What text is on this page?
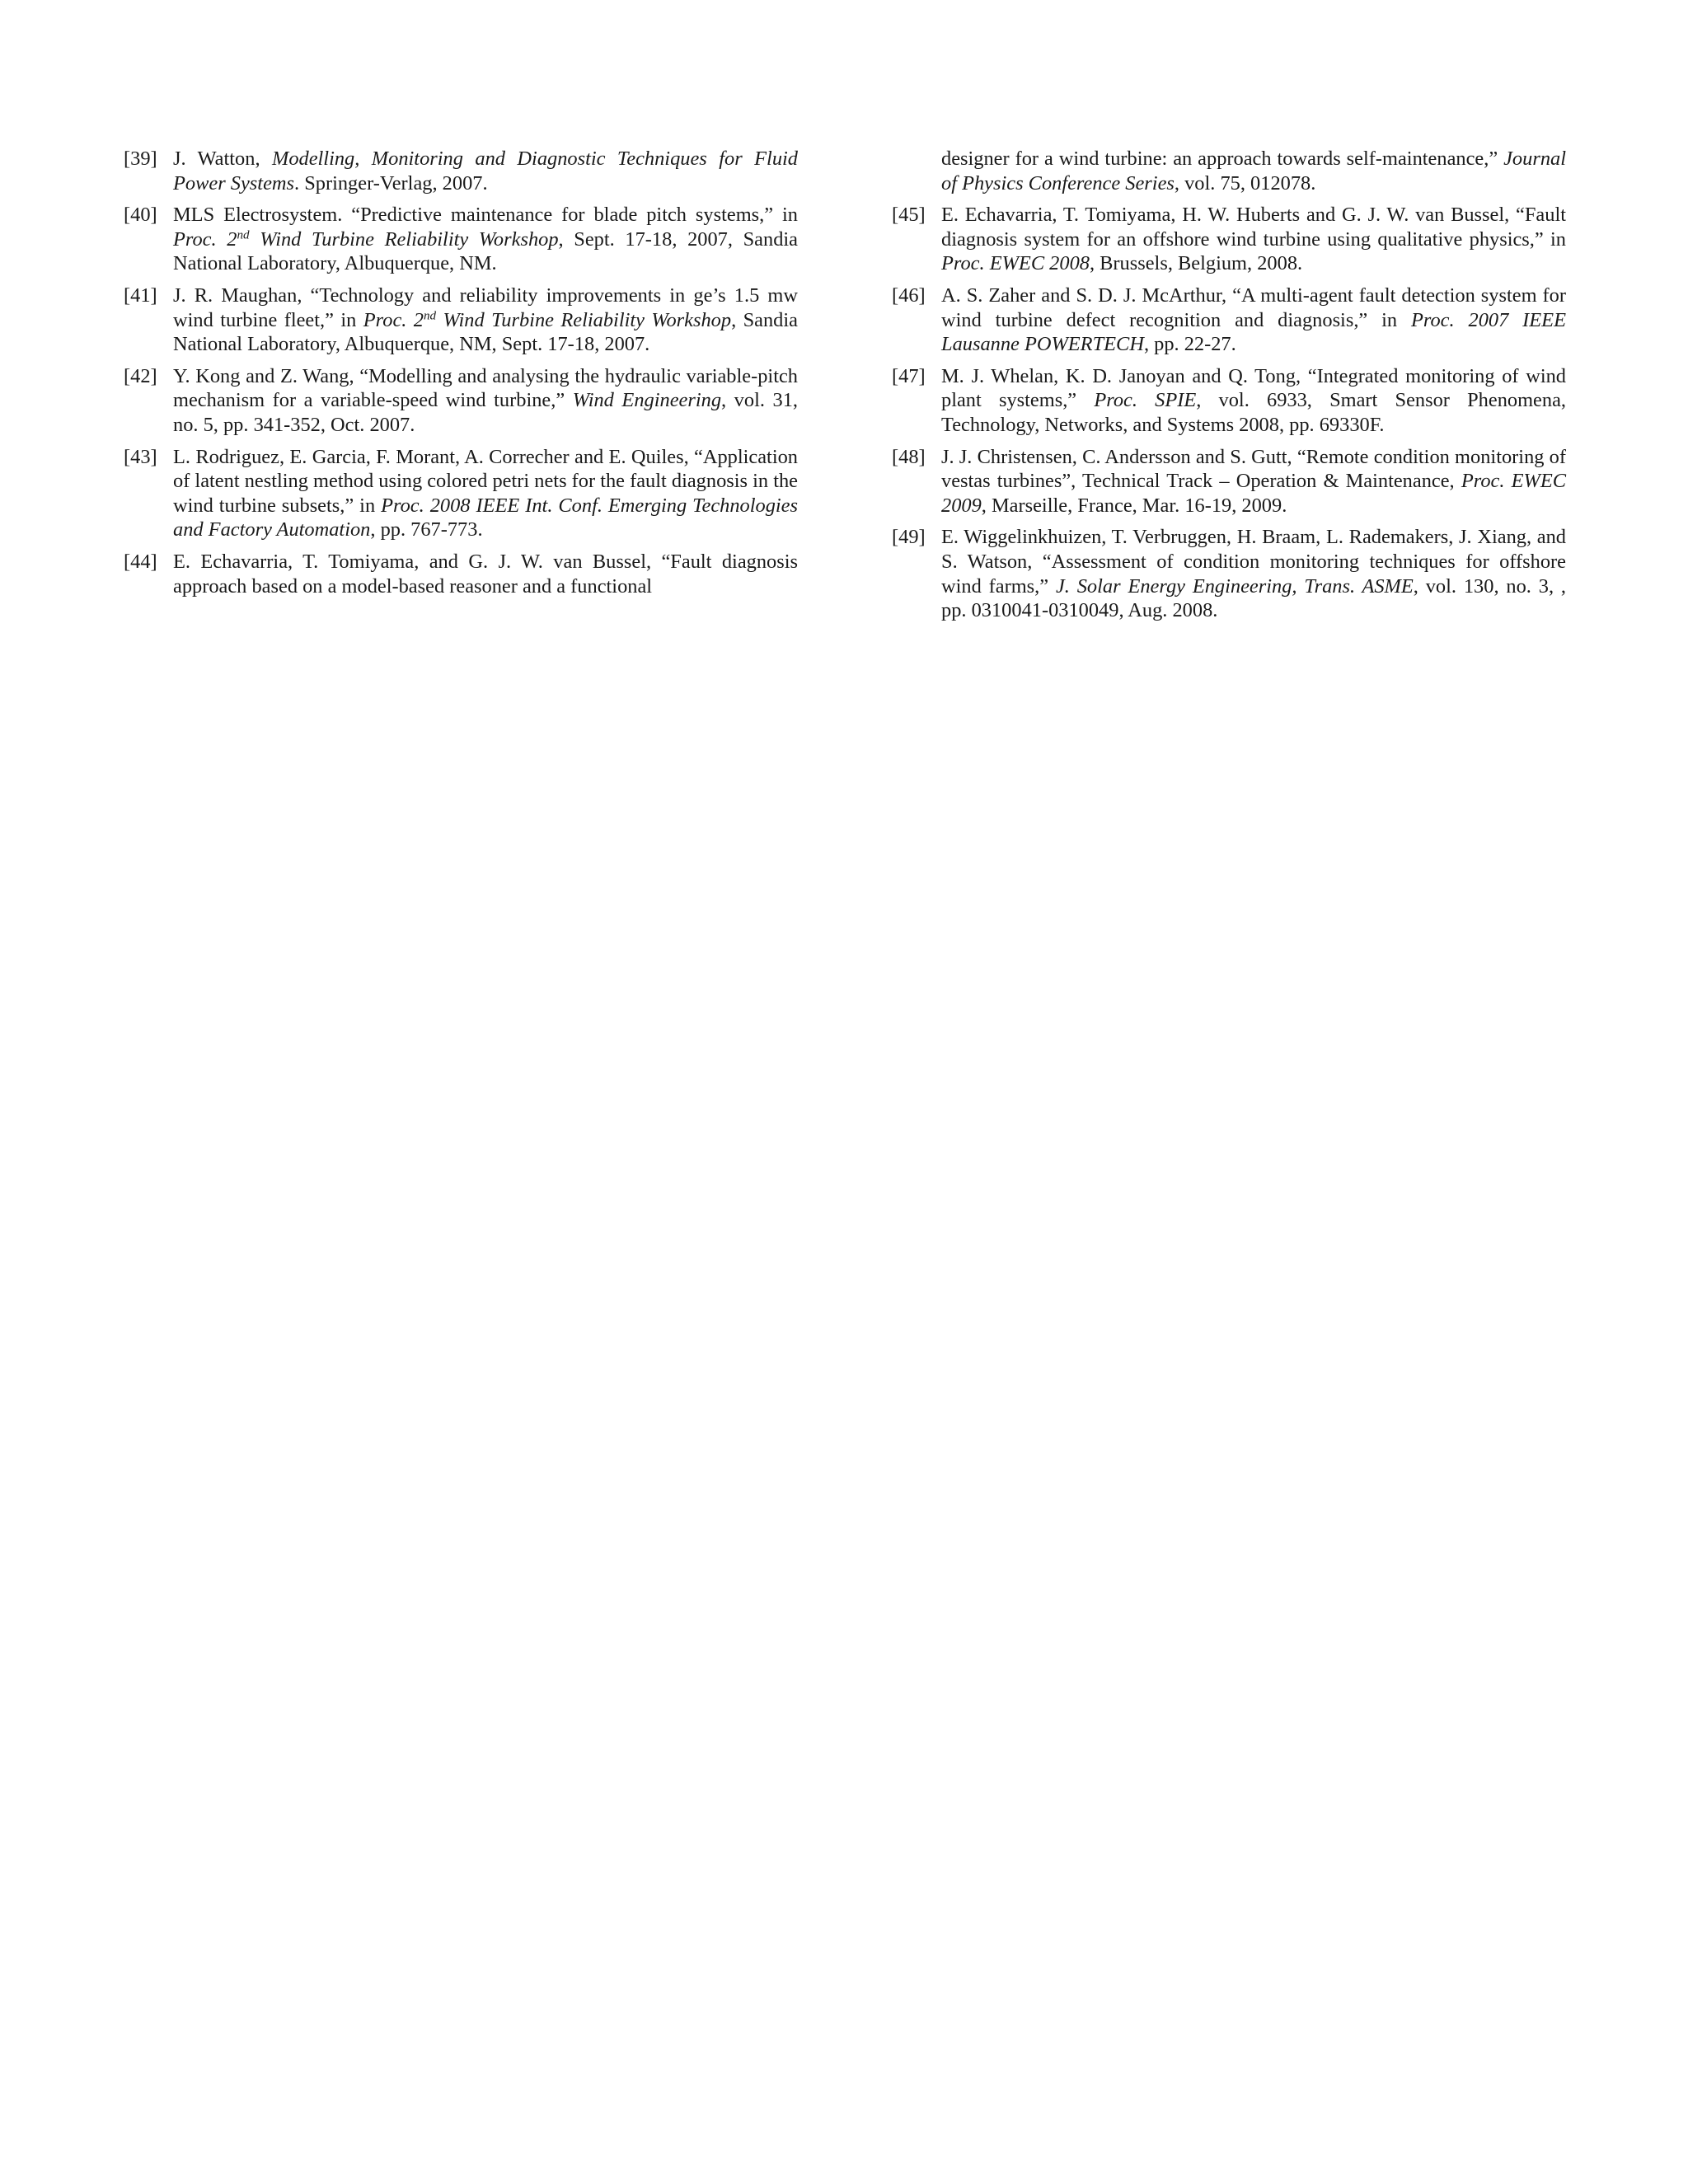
[39] J. Watton, Modelling, Monitoring and Diagnostic Techniques for Fluid Power Systems. Springer-Verlag, 2007.
[40] MLS Electrosystem. “Predictive maintenance for blade pitch systems,” in Proc. 2nd Wind Turbine Reliability Workshop, Sept. 17-18, 2007, Sandia National Laboratory, Albuquerque, NM.
[41] J. R. Maughan, “Technology and reliability improvements in ge’s 1.5 mw wind turbine fleet,” in Proc. 2nd Wind Turbine Reliability Workshop, Sandia National Laboratory, Albuquerque, NM, Sept. 17-18, 2007.
[42] Y. Kong and Z. Wang, “Modelling and analysing the hydraulic variable-pitch mechanism for a variable-speed wind turbine,” Wind Engineering, vol. 31, no. 5, pp. 341-352, Oct. 2007.
[43] L. Rodriguez, E. Garcia, F. Morant, A. Correcher and E. Quiles, “Application of latent nestling method using colored petri nets for the fault diagnosis in the wind turbine subsets,” in Proc. 2008 IEEE Int. Conf. Emerging Technologies and Factory Automation, pp. 767-773.
[44] E. Echavarria, T. Tomiyama, and G. J. W. van Bussel, “Fault diagnosis approach based on a model-based reasoner and a functional
designer for a wind turbine: an approach towards self-maintenance,” Journal of Physics Conference Series, vol. 75, 012078.
[45] E. Echavarria, T. Tomiyama, H. W. Huberts and G. J. W. van Bussel, “Fault diagnosis system for an offshore wind turbine using qualitative physics,” in Proc. EWEC 2008, Brussels, Belgium, 2008.
[46] A. S. Zaher and S. D. J. McArthur, “A multi-agent fault detection system for wind turbine defect recognition and diagnosis,” in Proc. 2007 IEEE Lausanne POWERTECH, pp. 22-27.
[47] M. J. Whelan, K. D. Janoyan and Q. Tong, “Integrated monitoring of wind plant systems,” Proc. SPIE, vol. 6933, Smart Sensor Phenomena, Technology, Networks, and Systems 2008, pp. 69330F.
[48] J. J. Christensen, C. Andersson and S. Gutt, “Remote condition monitoring of vestas turbines”, Technical Track – Operation & Maintenance, Proc. EWEC 2009, Marseille, France, Mar. 16-19, 2009.
[49] E. Wiggelinkhuizen, T. Verbruggen, H. Braam, L. Rademakers, J. Xiang, and S. Watson, “Assessment of condition monitoring techniques for offshore wind farms,” J. Solar Energy Engineering, Trans. ASME, vol. 130, no. 3, , pp. 0310041-0310049, Aug. 2008.
